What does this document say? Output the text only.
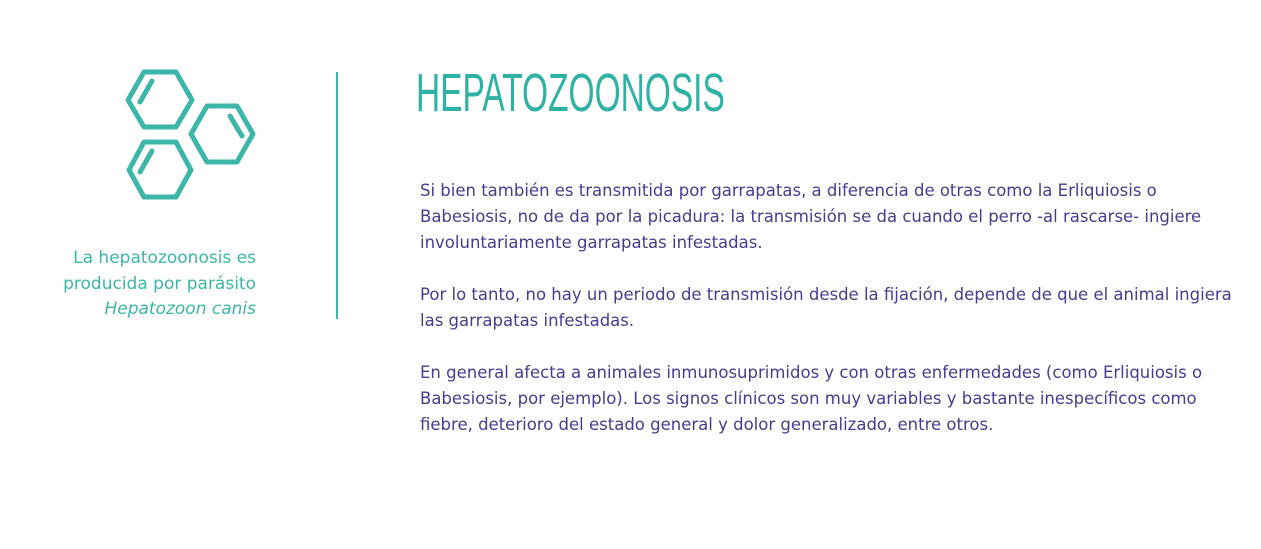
La hepatozoonosis es
producida por parásito
Hepatozoon canis
HEPATOZOONOSIS

Si bien también es transmitida por garrapatas, a diferencia de otras como la Erliquiosis o
Babesiosis, no de da por la picadura: la transmisión se da cuando el perro -al rascarse- ingiere
involuntariamente garrapatas infestadas.

Por lo tanto, no hay un periodo de transmisión desde la fijación, depende de que el animal ingiera
las garrapatas infestadas.

En general afecta a animales inmunosuprimidos y con otras enfermedades (como Erliquiosis o
Babesiosis, por ejemplo). Los signos clínicos son muy variables y bastante inespecíficos como
fiebre, deterioro del estado general y dolor generalizado, entre otros.
